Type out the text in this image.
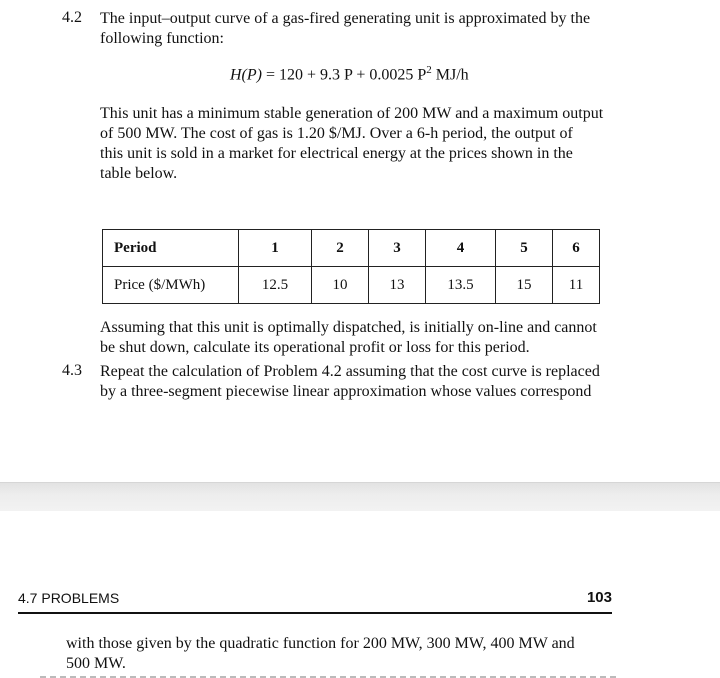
4.2 The input–output curve of a gas-fired generating unit is approximated by the
following function:
H(P) = 120 + 9.3 P + 0.0025 $P^2$ MJ/h
This unit has a minimum stable generation of 200 MW and a maximum output
of 500 MW. The cost of gas is 1.20 $/MJ. Over a 6-h period, the output of
this unit is sold in a market for electrical energy at the prices shown in the
table below.
Period	1	2	3	4	5	6
Price ($/MWh)	12.5	10	13	13.5	15	11
Assuming that this unit is optimally dispatched, is initially on-line and cannot
be shut down, calculate its operational profit or loss for this period.
4.3 Repeat the calculation of Problem 4.2 assuming that the cost curve is replaced
by a three-segment piecewise linear approximation whose values correspond
4.7 PROBLEMS	103
with those given by the quadratic function for 200 MW, 300 MW, 400 MW and
500 MW.
